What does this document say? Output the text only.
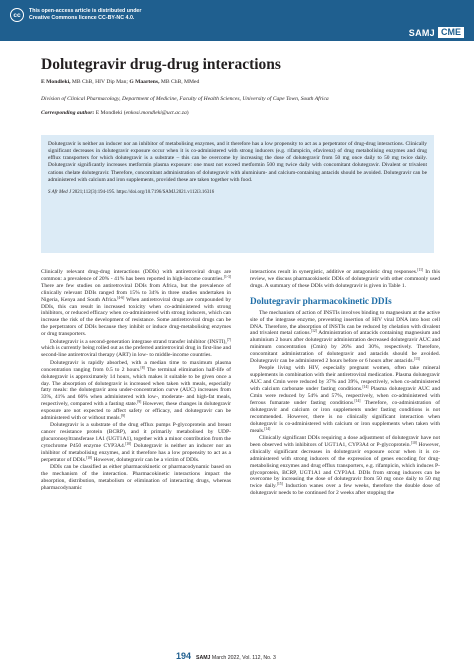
cc
This open-access article is distributed under
Creative Commons licence CC-BY-NC 4.0.
SAMJ CME
Dolutegravir drug-drug interactions
E Mondleki, MB ChB, HIV Dip Man; G Maartens, MB ChB, MMed
Division of Clinical Pharmacology, Department of Medicine, Faculty of Health Sciences, University of Cape Town, South Africa
Corresponding author: E Mondleki (enkosi.mondleki@uct.ac.za)

Dolutegravir is neither an inducer nor an inhibitor of metabolising enzymes, and it therefore has a low propensity to act as a perpetrator of drug-drug interactions. Clinically significant decreases in dolutegravir exposure occur when it is co-administered with strong inducers (e.g. rifampicin, efavirenz) of drug metabolising enzymes and drug efflux transporters for which dolutegravir is a substrate – this can be overcome by increasing the dose of dolutegravir from 50 mg once daily to 50 mg twice daily. Dolutegravir significantly increases metformin plasma exposure: one must not exceed metformin 500 mg twice daily with concomitant dolutegravir. Divalent or trivalent cations chelate dolutegravir. Therefore, concomitant administration of dolutegravir with aluminium- and calcium-containing antacids should be avoided. Dolutegravir can be administered with calcium and iron supplements, provided these are taken together with food.

S Afr Med J 2021;112(3):194-195. https://doi.org/10.7196/SAMJ.2021.v112i3.16316

Clinically relevant drug-drug interactions (DDIs) with antiretroviral drugs are common: a prevalence of 20% - 41% has been reported in high-income countries.[1-3] There are few studies on antiretroviral DDIs from Africa, but the prevalence of clinically relevant DDIs ranged from 15% to 34% in three studies undertaken in Nigeria, Kenya and South Africa.[4-6] When antiretroviral drugs are compounded by DDIs, this can result in increased toxicity when co-administered with strong inhibitors, or reduced efficacy when co-administered with strong inducers, which can increase the risk of the development of resistance. Some antiretroviral drugs can be the perpetrators of DDIs because they inhibit or induce drug-metabolising enzymes or drug transporters.

Dolutegravir is a second-generation integrase strand transfer inhibitor (INSTI),[7] which is currently being rolled out as the preferred antiretroviral drug in first-line and second-line antiretroviral therapy (ART) in low- to middle-income countries.

Dolutegravir is rapidly absorbed, with a median time to maximum plasma concentration ranging from 0.5 to 2 hours.[8] The terminal elimination half-life of dolutegravir is approximately 14 hours, which makes it suitable to be given once a day. The absorption of dolutegravir is increased when taken with meals, especially fatty meals: the dolutegravir area under-concentration curve (AUC) increases from 33%, 41% and 66% when administered with low-, moderate- and high-fat meals, respectively, compared with a fasting state.[9] However, these changes in dolutegravir exposure are not expected to affect safety or efficacy, and dolutegravir can be administered with or without meals.[9]

Dolutegravir is a substrate of the drug efflux pumps P-glycoprotein and breast cancer resistance protein (BCRP), and it primarily metabolised by UDP-glucuronosyltransferase 1A1 (UGT1A1), together with a minor contribution from the cytochrome P450 enzyme CYP3A4.[10] Dolutegravir is neither an inducer nor an inhibitor of metabolising enzymes, and it therefore has a low propensity to act as a perpetrator of DDIs.[10] However, dolutegravir can be a victim of DDIs.

DDIs can be classified as either pharmacokinetic or pharmacodynamic based on the mechanism of the interaction. Pharmacokinetic interactions impact the absorption, distribution, metabolism or elimination of interacting drugs, whereas pharmacodynamic

interactions result in synergistic, additive or antagonistic drug responses.[11] In this review, we discuss pharmacokinetic DDIs of dolutegravir with other commonly used drugs. A summary of these DDIs with dolutegravir is given in Table 1.

Dolutegravir pharmacokinetic DDIs

The mechanism of action of INSTIs involves binding to magnesium at the active site of the integrase enzyme, preventing insertion of HIV viral DNA into host cell DNA. Therefore, the absorption of INSTIs can be reduced by chelation with divalent and trivalent metal cations.[12] Administration of antacids containing magnesium and aluminium 2 hours after dolutegravir administration decreased dolutegravir AUC and minimum concentration (Cmin) by 26% and 30%, respectively. Therefore, concomitant administration of dolutegravir and antacids should be avoided. Dolutegravir can be administered 2 hours before or 6 hours after antacids.[13]

People living with HIV, especially pregnant women, often take mineral supplements in combination with their antiretroviral medication. Plasma dolutegravir AUC and Cmin were reduced by 37% and 39%, respectively, when co-administered with calcium carbonate under fasting conditions.[14] Plasma dolutegravir AUC and Cmin were reduced by 54% and 57%, respectively, when co-administered with ferrous fumarate under fasting conditions.[14] Therefore, co-administration of dolutegravir and calcium or iron supplements under fasting conditions is not recommended. However, there is no clinically significant interaction when dolutegravir is co-administered with calcium or iron supplements when taken with meals.[14]

Clinically significant DDIs requiring a dose adjustment of dolutegravir have not been observed with inhibitors of UGT1A1, CYP3A4 or P-glycoprotein.[10] However, clinically significant decreases in dolutegravir exposure occur when it is co-administered with strong inducers of the expression of genes encoding for drug-metabolising enzymes and drug efflux transporters, e.g. rifampicin, which induces P-glycoprotein, BCRP, UGT1A1 and CYP3A4. DDIs from strong inducers can be overcome by increasing the dose of dolutegravir from 50 mg once daily to 50 mg twice daily.[15] Induction wanes over a few weeks, therefore the double dose of dolutegravir needs to be continued for 2 weeks after stopping the

194 SAMJ March 2022, Vol. 112, No. 3
